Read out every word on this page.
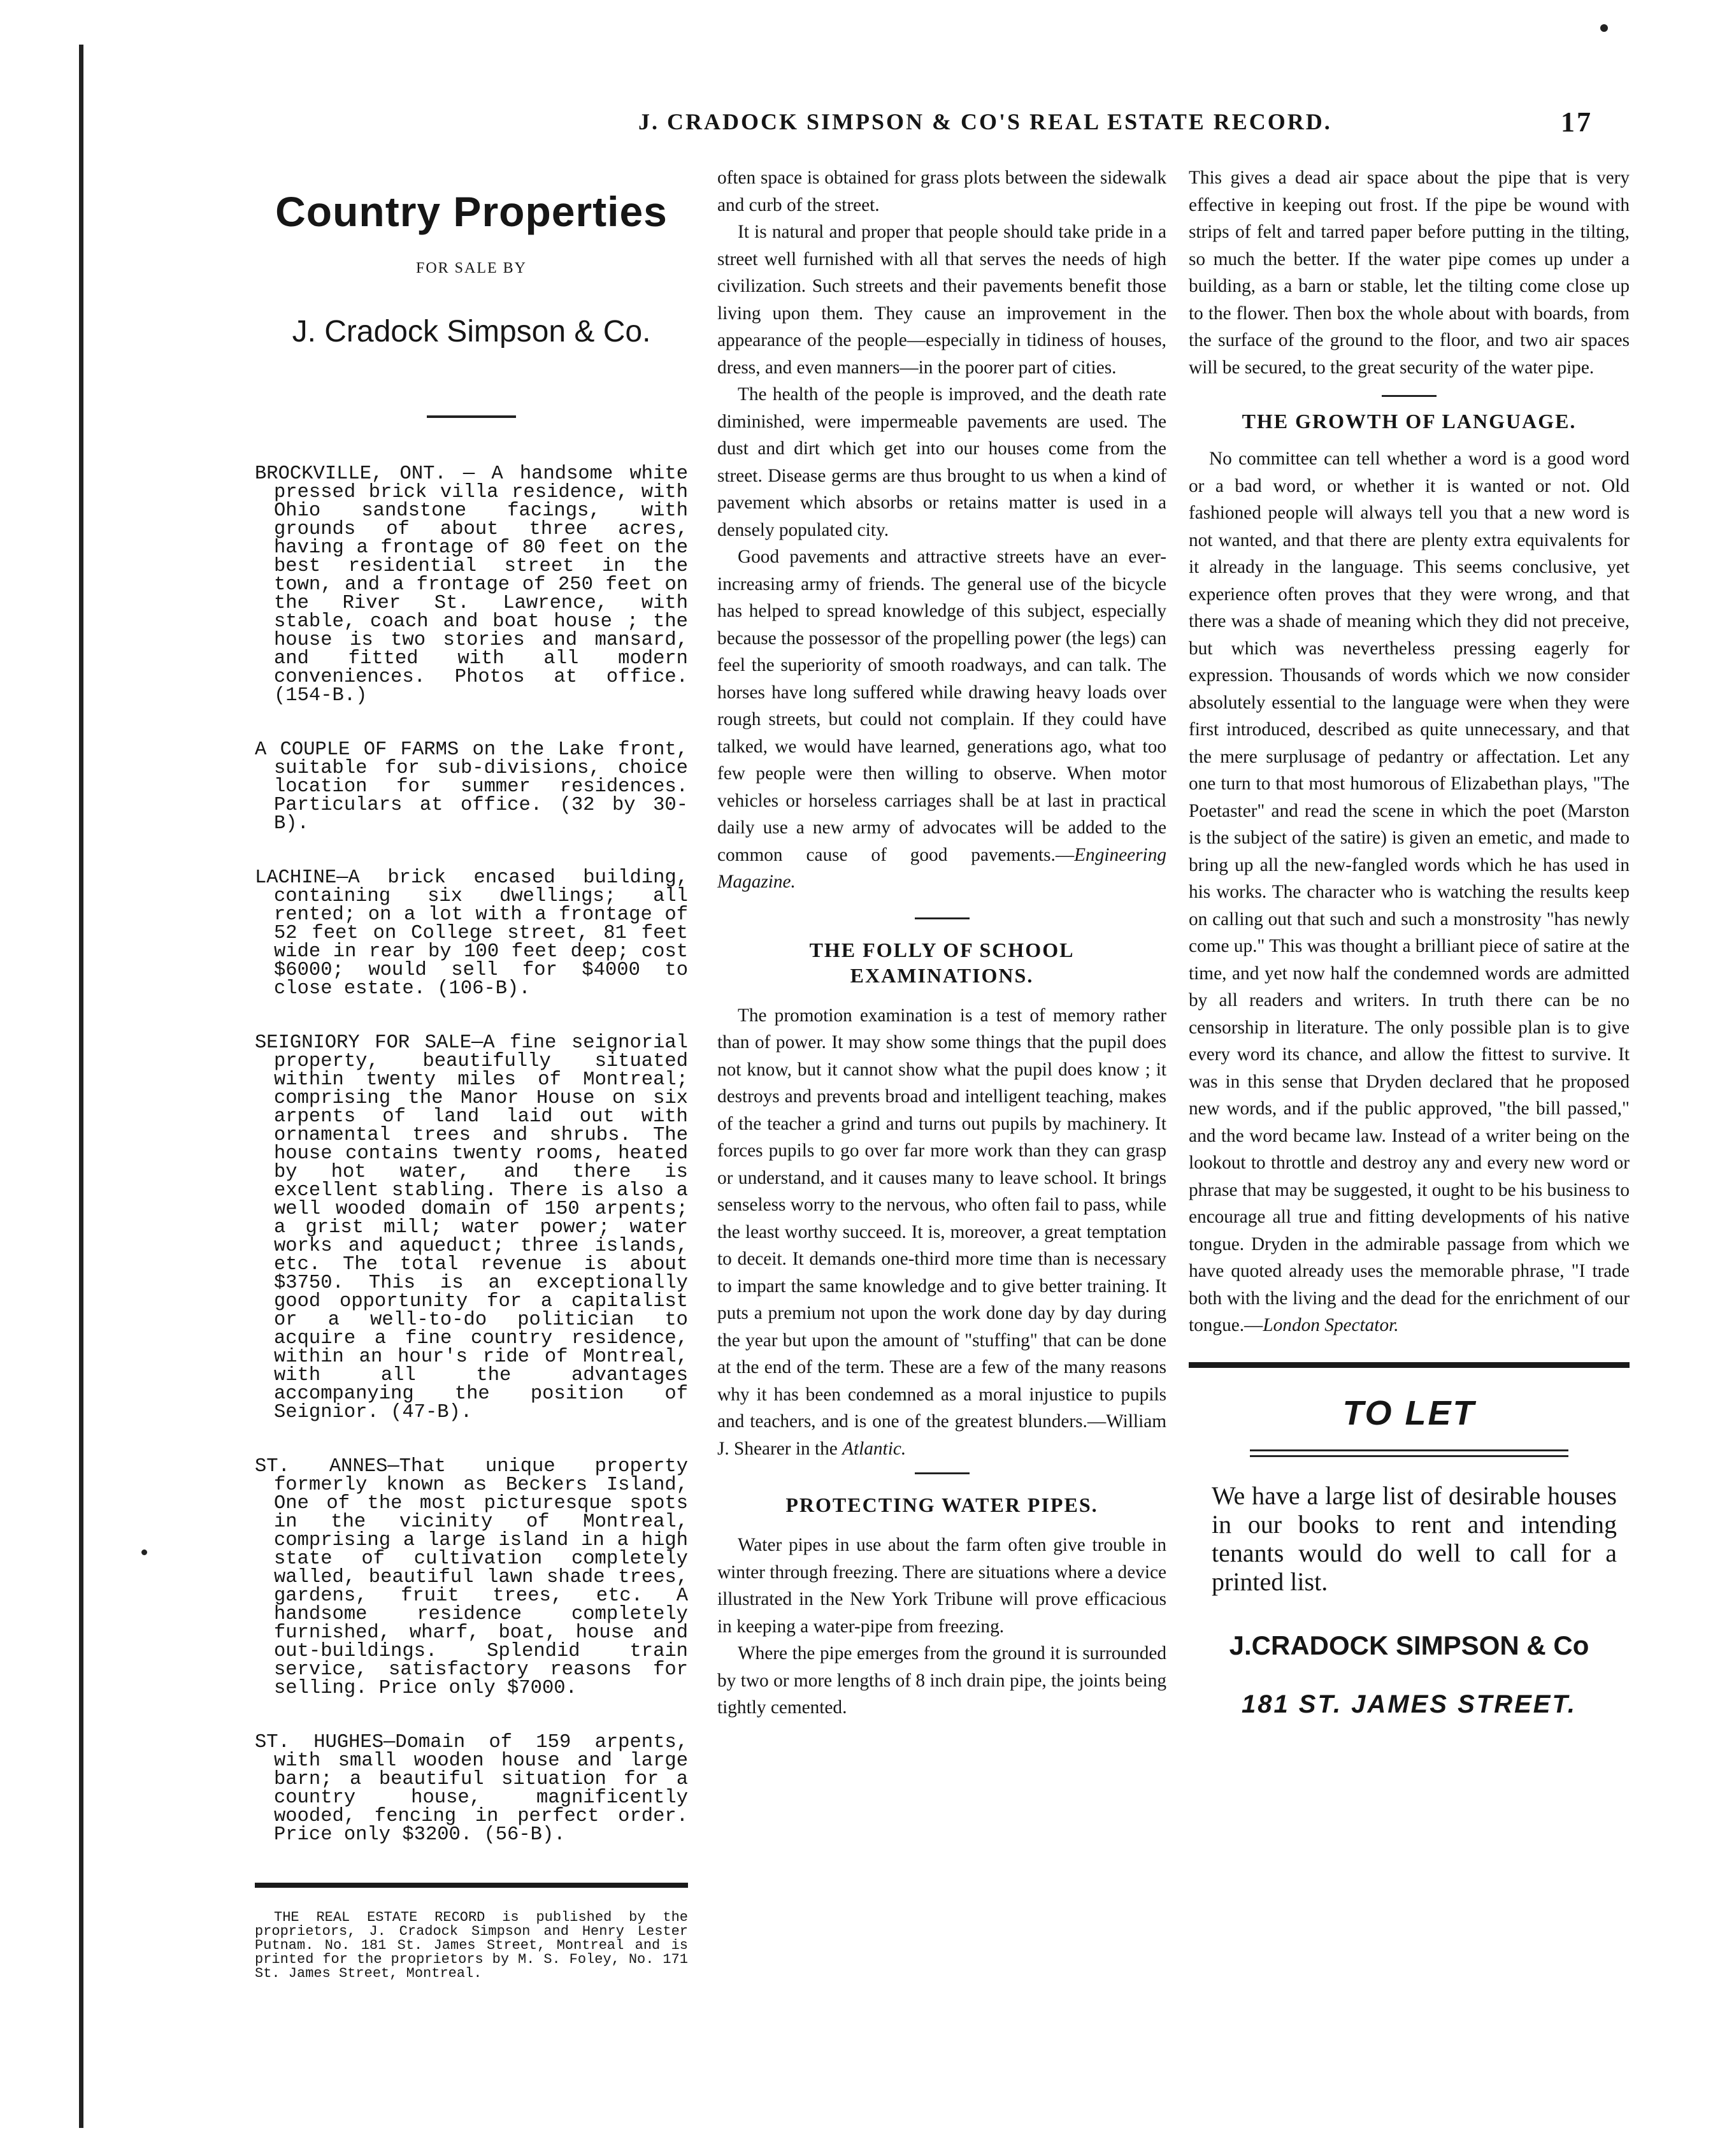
J. CRADOCK SIMPSON & CO'S REAL ESTATE RECORD.	17
Country Properties
FOR SALE BY
J. Cradock Simpson & Co.

BROCKVILLE, ONT. — A handsome white pressed brick villa residence, with Ohio sandstone facings, with grounds of about three acres, having a frontage of 80 feet on the best residential street in the town, and a frontage of 250 feet on the River St. Lawrence, with stable, coach and boat house ; the house is two stories and mansard, and fitted with all modern conveniences. Photos at office. (154-B.)

A COUPLE OF FARMS on the Lake front, suitable for sub-divisions, choice location for summer residences. Particulars at office. (32 by 30-B).

LACHINE—A brick encased building, containing six dwellings; all rented; on a lot with a frontage of 52 feet on College street, 81 feet wide in rear by 100 feet deep; cost $6000; would sell for $4000 to close estate. (106-B).

SEIGNIORY FOR SALE—A fine seignorial property, beautifully situated within twenty miles of Montreal; comprising the Manor House on six arpents of land laid out with ornamental trees and shrubs. The house contains twenty rooms, heated by hot water, and there is excellent stabling. There is also a well wooded domain of 150 arpents; a grist mill; water power; water works and aqueduct; three islands, etc. The total revenue is about $3750. This is an exceptionally good opportunity for a capitalist or a well-to-do politician to acquire a fine country residence, within an hour's ride of Montreal, with all the advantages accompanying the position of Seignior. (47-B).

ST. ANNES—That unique property formerly known as Beckers Island, One of the most picturesque spots in the vicinity of Montreal, comprising a large island in a high state of cultivation completely walled, beautiful lawn shade trees, gardens, fruit trees, etc. A handsome residence completely furnished, wharf, boat, house and out-buildings. Splendid train service, satisfactory reasons for selling. Price only $7000.

ST. HUGHES—Domain of 159 arpents, with small wooden house and large barn; a beautiful situation for a country house, magnificently wooded, fencing in perfect order. Price only $3200. (56-B).

THE REAL ESTATE RECORD is published by the proprietors, J. Cradock Simpson and Henry Lester Putnam. No. 181 St. James Street, Montreal and is printed for the proprietors by M. S. Foley, No. 171 St. James Street, Montreal.

often space is obtained for grass plots between the sidewalk and curb of the street.

It is natural and proper that people should take pride in a street well furnished with all that serves the needs of high civilization. Such streets and their pavements benefit those living upon them. They cause an improvement in the appearance of the people—especially in tidiness of houses, dress, and even manners—in the poorer part of cities.

The health of the people is improved, and the death rate diminished, were impermeable pavements are used. The dust and dirt which get into our houses come from the street. Disease germs are thus brought to us when a kind of pavement which absorbs or retains matter is used in a densely populated city.

Good pavements and attractive streets have an ever-increasing army of friends. The general use of the bicycle has helped to spread knowledge of this subject, especially because the possessor of the propelling power (the legs) can feel the superiority of smooth roadways, and can talk. The horses have long suffered while drawing heavy loads over rough streets, but could not complain. If they could have talked, we would have learned, generations ago, what too few people were then willing to observe. When motor vehicles or horseless carriages shall be at last in practical daily use a new army of advocates will be added to the common cause of good pavements.—Engineering Magazine.

THE FOLLY OF SCHOOL EXAMINATIONS.

The promotion examination is a test of memory rather than of power. It may show some things that the pupil does not know, but it cannot show what the pupil does know ; it destroys and prevents broad and intelligent teaching, makes of the teacher a grind and turns out pupils by machinery. It forces pupils to go over far more work than they can grasp or understand, and it causes many to leave school. It brings senseless worry to the nervous, who often fail to pass, while the least worthy succeed. It is, moreover, a great temptation to deceit. It demands one-third more time than is necessary to impart the same knowledge and to give better training. It puts a premium not upon the work done day by day during the year but upon the amount of "stuffing" that can be done at the end of the term. These are a few of the many reasons why it has been condemned as a moral injustice to pupils and teachers, and is one of the greatest blunders.—William J. Shearer in the Atlantic.

PROTECTING WATER PIPES.

Water pipes in use about the farm often give trouble in winter through freezing. There are situations where a device illustrated in the New York Tribune will prove efficacious in keeping a water-pipe from freezing.

Where the pipe emerges from the ground it is surrounded by two or more lengths of 8 inch drain pipe, the joints being tightly cemented.

This gives a dead air space about the pipe that is very effective in keeping out frost. If the pipe be wound with strips of felt and tarred paper before putting in the tilting, so much the better. If the water pipe comes up under a building, as a barn or stable, let the tilting come close up to the flower. Then box the whole about with boards, from the surface of the ground to the floor, and two air spaces will be secured, to the great security of the water pipe.

THE GROWTH OF LANGUAGE.

No committee can tell whether a word is a good word or a bad word, or whether it is wanted or not. Old fashioned people will always tell you that a new word is not wanted, and that there are plenty extra equivalents for it already in the language. This seems conclusive, yet experience often proves that they were wrong, and that there was a shade of meaning which they did not preceive, but which was nevertheless pressing eagerly for expression. Thousands of words which we now consider absolutely essential to the language were when they were first introduced, described as quite unnecessary, and that the mere surplusage of pedantry or affectation. Let any one turn to that most humorous of Elizabethan plays, "The Poetaster" and read the scene in which the poet (Marston is the subject of the satire) is given an emetic, and made to bring up all the new-fangled words which he has used in his works. The character who is watching the results keep on calling out that such and such a monstrosity "has newly come up." This was thought a brilliant piece of satire at the time, and yet now half the condemned words are admitted by all readers and writers. In truth there can be no censorship in literature. The only possible plan is to give every word its chance, and allow the fittest to survive. It was in this sense that Dryden declared that he proposed new words, and if the public approved, "the bill passed," and the word became law. Instead of a writer being on the lookout to throttle and destroy any and every new word or phrase that may be suggested, it ought to be his business to encourage all true and fitting developments of his native tongue. Dryden in the admirable passage from which we have quoted already uses the memorable phrase, "I trade both with the living and the dead for the enrichment of our tongue.—London Spectator.

TO LET

We have a large list of desirable houses in our books to rent and intending tenants would do well to call for a printed list.

J.CRADOCK SIMPSON & Co
181 ST. JAMES STREET.
